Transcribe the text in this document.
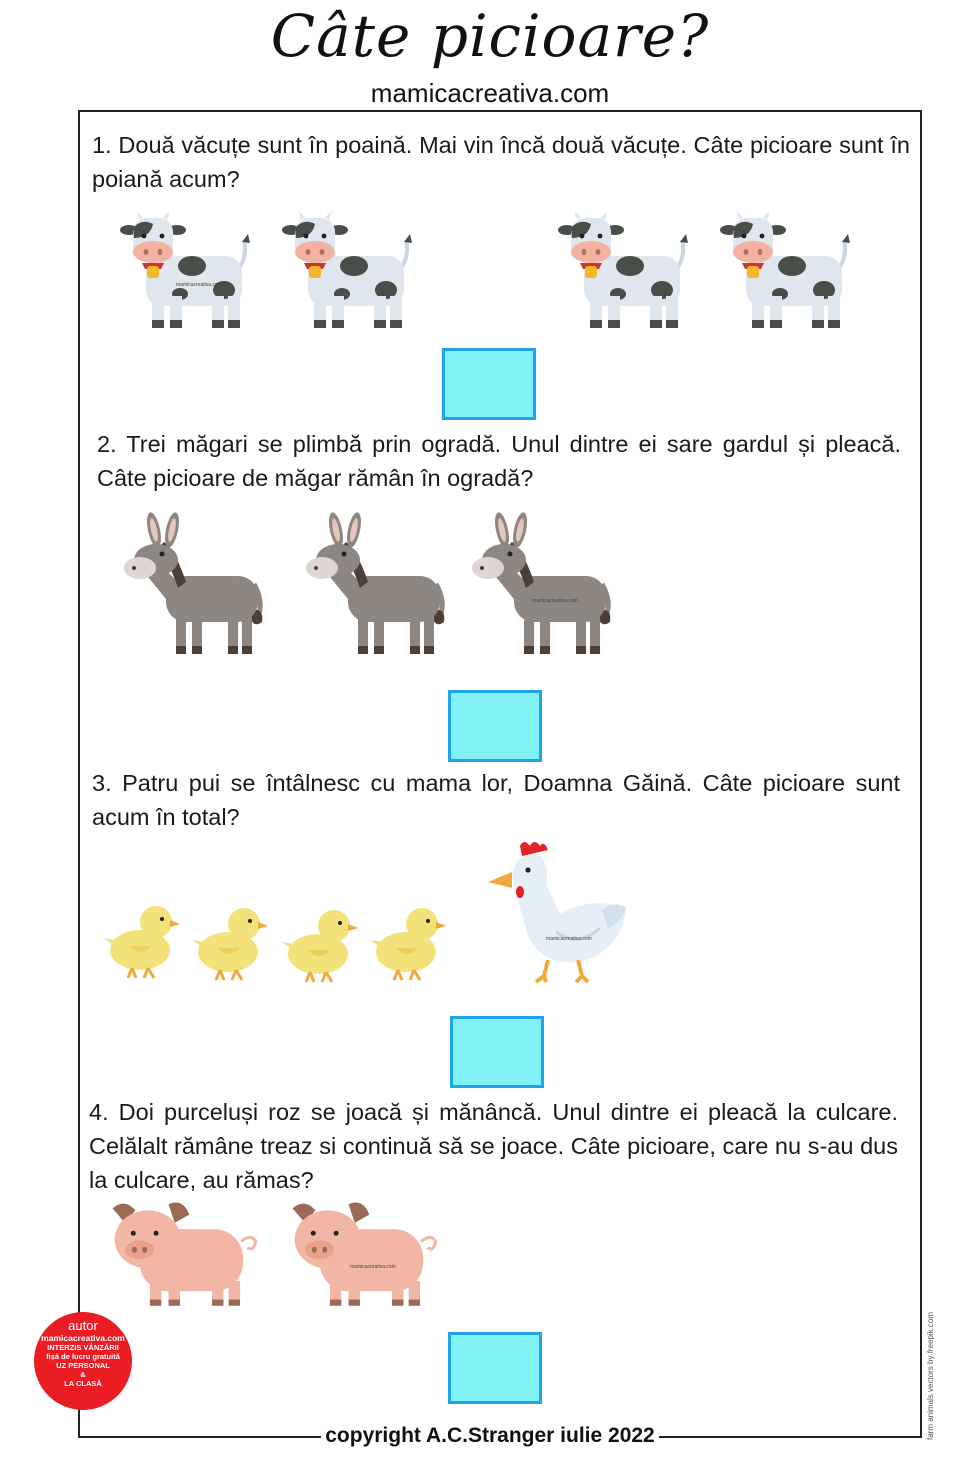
Câte picioare?
mamicacreativa.com
1. Două văcuțe sunt în poaină. Mai vin încă două văcuțe. Câte picioare sunt în poiană acum?
mamicacreativa.com
2. Trei măgari se plimbă prin ogradă. Unul dintre ei sare gardul și pleacă. Câte picioare de măgar rămân în ogradă?
mamicacreativa.com
3. Patru pui se întâlnesc cu mama lor, Doamna Găină. Câte picioare sunt acum în total?
mamicacreativa.com
4. Doi purceluși roz se joacă și mănâncă. Unul dintre ei pleacă la culcare. Celălalt rămâne treaz si continuă să se joace. Câte picioare, care nu s-au dus la culcare, au rămas?
mamicacreativa.com
autor
mamicacreativa.com
INTERZIS VÂNZĂRII
fișă de lucru gratuită
UZ PERSONAL
&
LA CLASĂ	farm animals vectors by freepik.com
copyright A.C.Stranger iulie 2022
